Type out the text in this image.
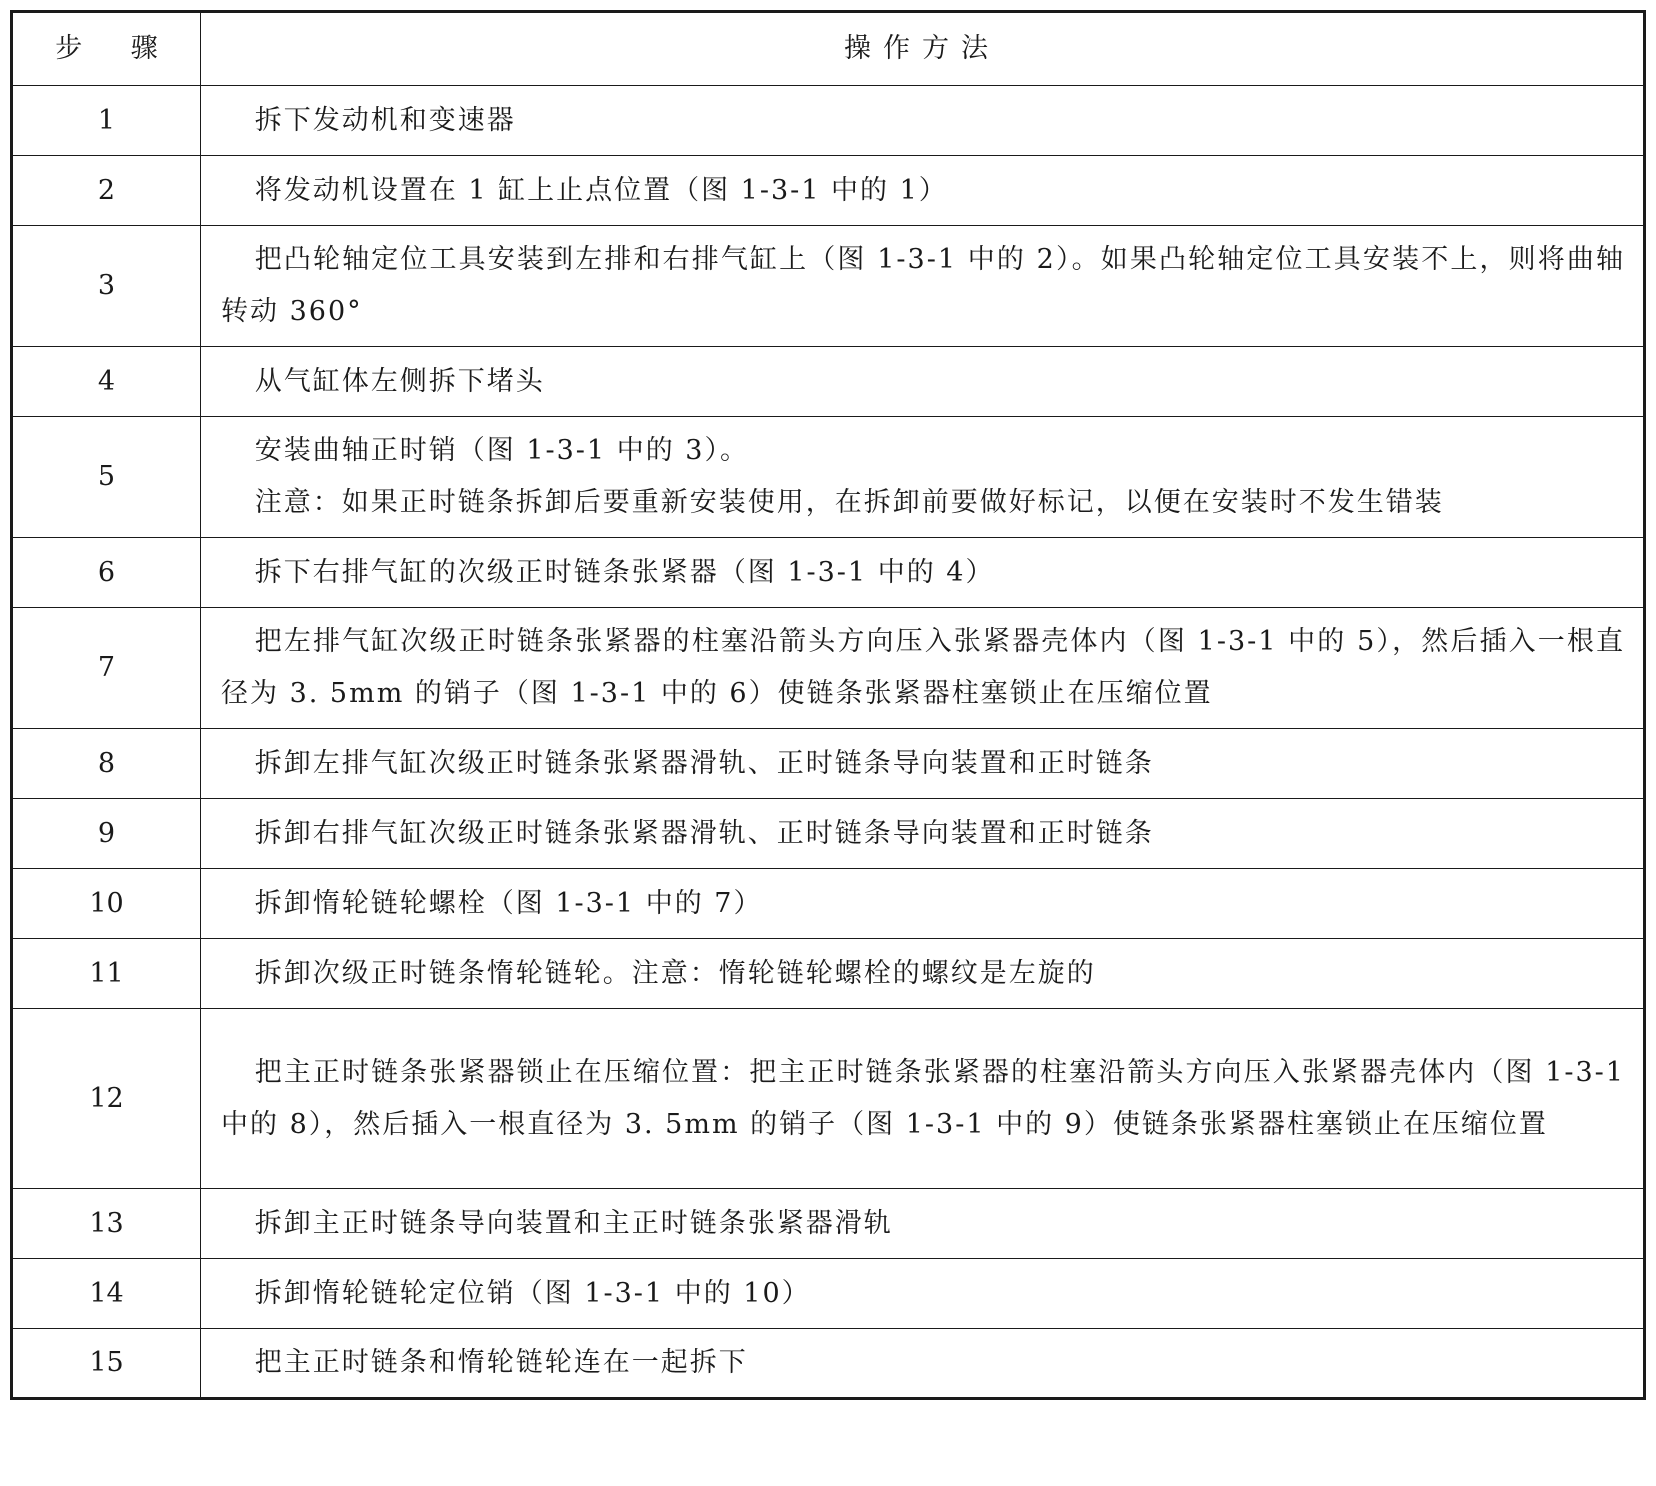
步 骤	操作方法
1	拆下发动机和变速器

2	将发动机设置在 1 缸上止点位置（图 1-3-1 中的 1）

3	把凸轮轴定位工具安装到左排和右排气缸上（图 1-3-1 中的 2）。如果凸轮轴定位工具安装不上，则将曲轴转动 360°

4	从气缸体左侧拆下堵头

5	安装曲轴正时销（图 1-3-1 中的 3）。
注意：如果正时链条拆卸后要重新安装使用，在拆卸前要做好标记，以便在安装时不发生错装

6	拆下右排气缸的次级正时链条张紧器（图 1-3-1 中的 4）

7	把左排气缸次级正时链条张紧器的柱塞沿箭头方向压入张紧器壳体内（图 1-3-1 中的 5），然后插入一根直径为 3. 5mm 的销子（图 1-3-1 中的 6）使链条张紧器柱塞锁止在压缩位置

8	拆卸左排气缸次级正时链条张紧器滑轨、正时链条导向装置和正时链条

9	拆卸右排气缸次级正时链条张紧器滑轨、正时链条导向装置和正时链条

10	拆卸惰轮链轮螺栓（图 1-3-1 中的 7）

11	拆卸次级正时链条惰轮链轮。注意：惰轮链轮螺栓的螺纹是左旋的

12	把主正时链条张紧器锁止在压缩位置：把主正时链条张紧器的柱塞沿箭头方向压入张紧器壳体内（图 1-3-1 中的 8），然后插入一根直径为 3. 5mm 的销子（图 1-3-1 中的 9）使链条张紧器柱塞锁止在压缩位置

13	拆卸主正时链条导向装置和主正时链条张紧器滑轨

14	拆卸惰轮链轮定位销（图 1-3-1 中的 10）

15	把主正时链条和惰轮链轮连在一起拆下
